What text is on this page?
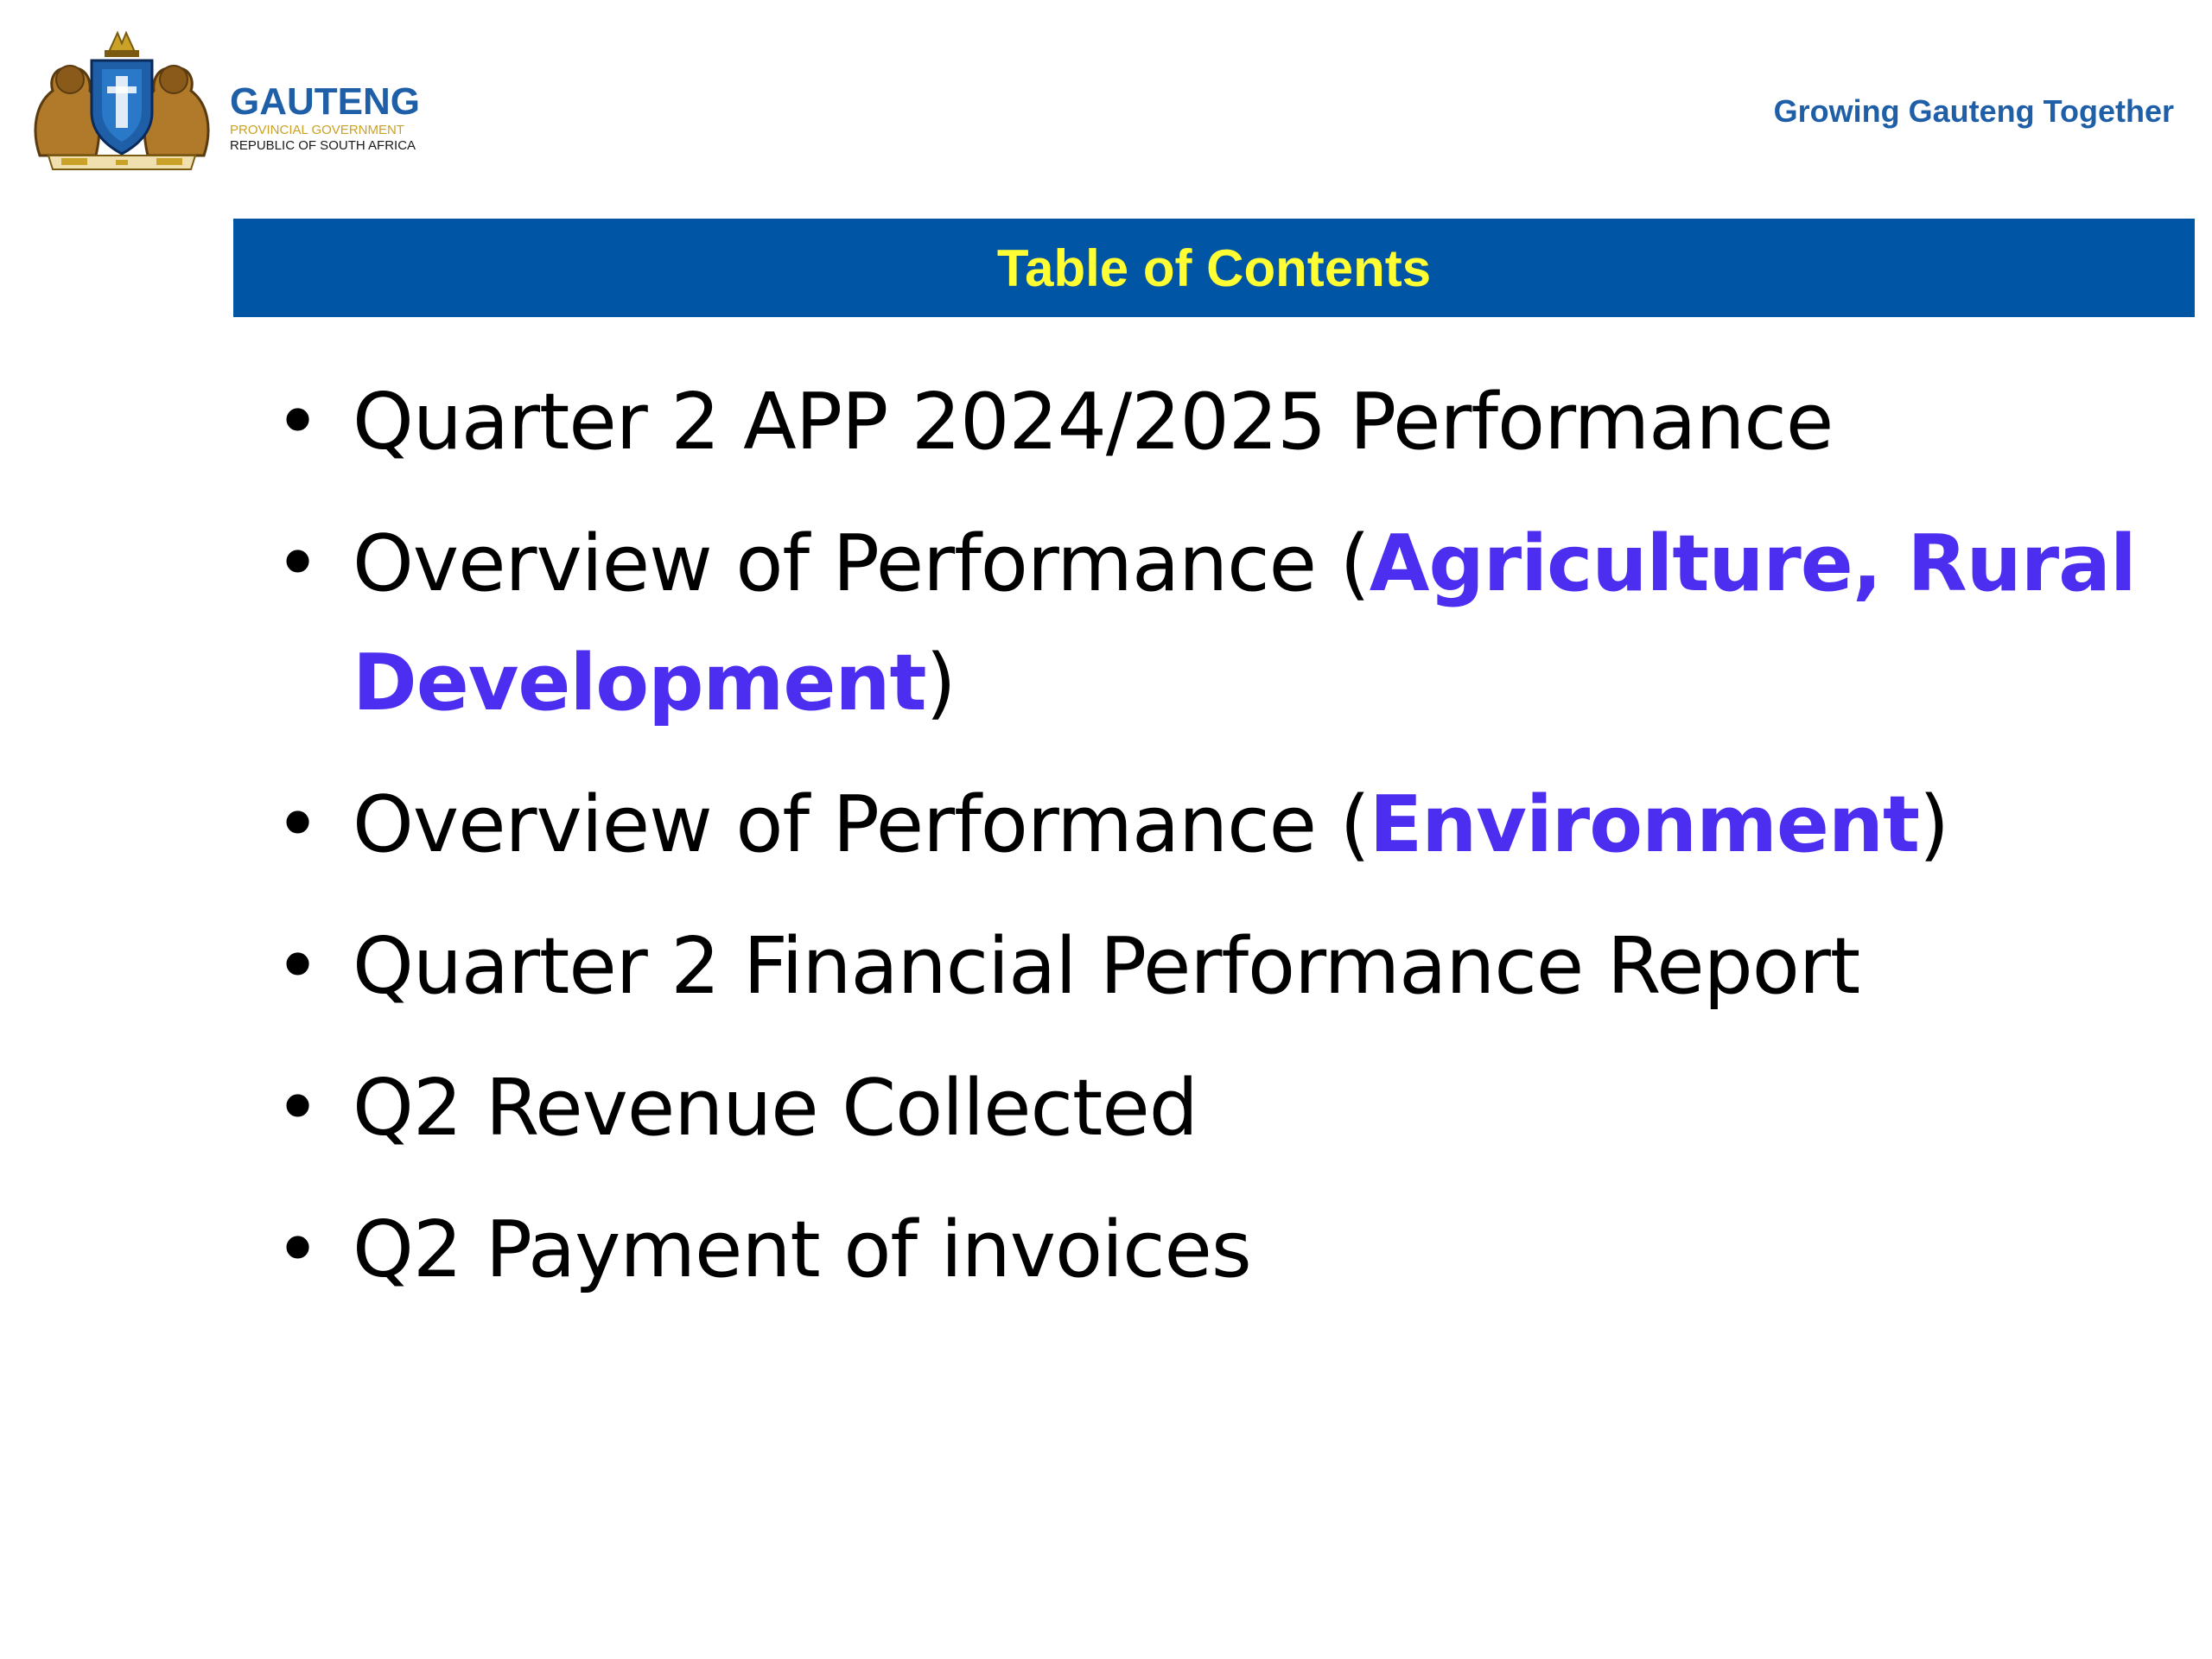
GAUTENG
PROVINCIAL GOVERNMENT
REPUBLIC OF SOUTH AFRICA
Growing Gauteng Together
Table of Contents
• Quarter 2 APP 2024/2025 Performance
• Overview of Performance (Agriculture, Rural Development)
• Overview of Performance (Environment)
• Quarter 2 Financial Performance Report
• Q2 Revenue Collected
• Q2 Payment of invoices
